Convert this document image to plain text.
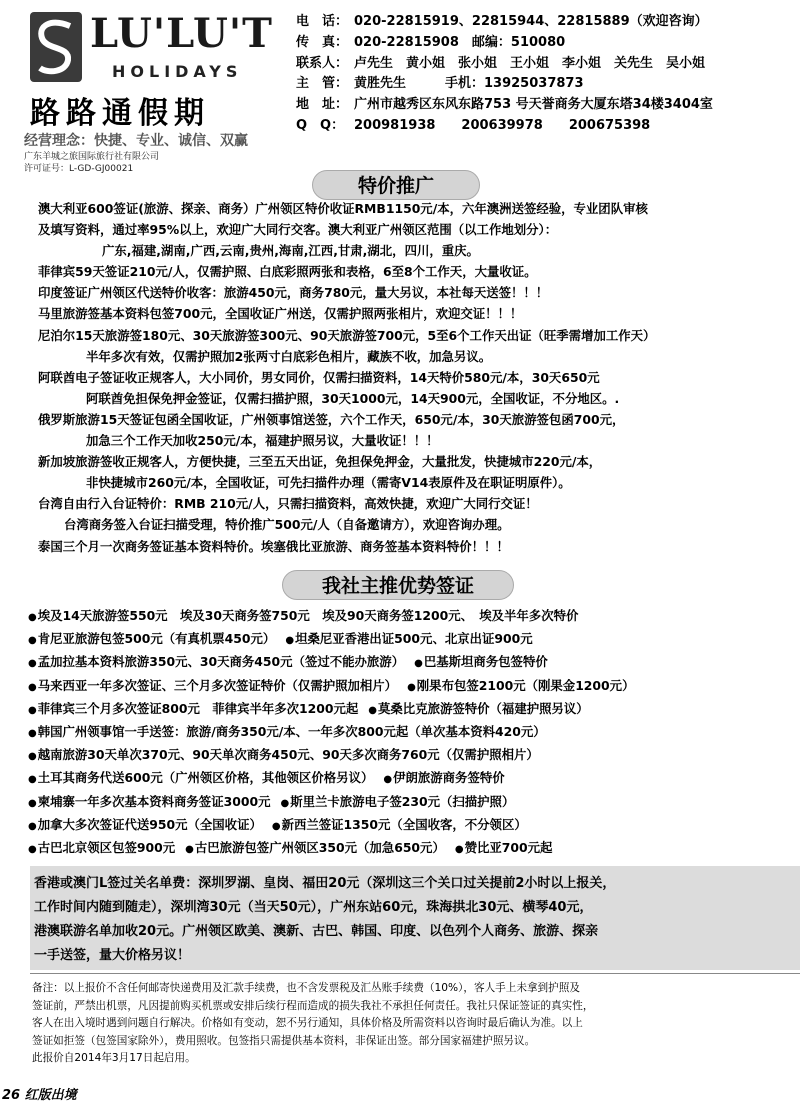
LU'LU'T
HOLIDAYS
路路通假期
经营理念：快捷、专业、诚信、双赢
广东羊城之旅国际旅行社有限公司
许可证号：L-GD-GJ00021
电　话： 020-22815919、22815944、22815889（欢迎咨询）
传　真： 020-22815908　邮编：510080
联系人： 卢先生　黄小姐　张小姐　王小姐　李小姐　关先生　吴小姐
主　管： 黄胜先生　　　手机：13925037873
地　址： 广州市越秀区东风东路753 号天誉商务大厦东塔34楼3404室
Q　Q： 200981938　　200639978　　200675398
特价推广
澳大利亚600签证(旅游、探亲、商务）广州领区特价收证RMB1150元/本，六年澳洲送签经验，专业团队审核
及填写资料，通过率95%以上，欢迎广大同行交客。澳大利亚广州领区范围（以工作地划分）：
广东,福建,湖南,广西,云南,贵州,海南,江西,甘肃,湖北，四川，重庆。
菲律宾59天签证210元/人，仅需护照、白底彩照两张和表格，6至8个工作天，大量收证。
印度签证广州领区代送特价收客：旅游450元，商务780元，量大另议，本社每天送签！！！
马里旅游签基本资料包签700元，全国收证广州送，仅需护照两张相片，欢迎交证！！！
尼泊尔15天旅游签180元、30天旅游签300元、90天旅游签700元，5至6个工作天出证（旺季需增加工作天）
半年多次有效，仅需护照加2张两寸白底彩色相片，藏族不收，加急另议。
阿联酋电子签证收正规客人，大小同价，男女同价，仅需扫描资料，14天特价580元/本，30天650元
阿联酋免担保免押金签证，仅需扫描护照，30天1000元，14天900元，全国收证，不分地区。.
俄罗斯旅游15天签证包函全国收证，广州领事馆送签，六个工作天，650元/本，30天旅游签包函700元，
加急三个工作天加收250元/本，福建护照另议，大量收证！！！
新加坡旅游签收正规客人，方便快捷，三至五天出证，免担保免押金，大量批发，快捷城市220元/本，
非快捷城市260元/本，全国收证，可先扫描件办理（需寄V14表原件及在职证明原件）。
台湾自由行入台证特价：RMB 210元/人，只需扫描资料，高效快捷，欢迎广大同行交证！
台湾商务签入台证扫描受理，特价推广500元/人（自备邀请方），欢迎咨询办理。
泰国三个月一次商务签证基本资料特价。埃塞俄比亚旅游、商务签基本资料特价！！！
我社主推优势签证
●埃及14天旅游签550元　埃及30天商务签750元　埃及90天商务签1200元、　埃及半年多次特价
●肯尼亚旅游包签500元（有真机票450元） ●坦桑尼亚香港出证500元、北京出证900元
●孟加拉基本资料旅游350元、30天商务450元（签过不能办旅游） ●巴基斯坦商务包签特价
●马来西亚一年多次签证、三个月多次签证特价（仅需护照加相片） ●刚果布包签2100元（刚果金1200元）
●菲律宾三个月多次签证800元　菲律宾半年多次1200元起 ●莫桑比克旅游签特价（福建护照另议）
●韩国广州领事馆一手送签：旅游/商务350元/本、一年多次800元起（单次基本资料420元）
●越南旅游30天单次370元、90天单次商务450元、90天多次商务760元（仅需护照相片）
●土耳其商务代送600元（广州领区价格，其他领区价格另议） ●伊朗旅游商务签特价
●柬埔寨一年多次基本资料商务签证3000元 ●斯里兰卡旅游电子签230元（扫描护照）
●加拿大多次签证代送950元（全国收证） ●新西兰签证1350元（全国收客，不分领区）
●古巴北京领区包签900元 ●古巴旅游包签广州领区350元（加急650元） ●赞比亚700元起
香港或澳门L签过关名单费：深圳罗湖、皇岗、福田20元（深圳这三个关口过关提前2小时以上报关，
工作时间内随到随走），深圳湾30元（当天50元），广州东站60元，珠海拱北30元、横琴40元，
港澳联游名单加收20元。广州领区欧美、澳新、古巴、韩国、印度、以色列个人商务、旅游、探亲
一手送签，量大价格另议！
备注：以上报价不含任何邮寄快递费用及汇款手续费，也不含发票税及汇丛账手续费（10%），客人手上未拿到护照及
签证前，严禁出机票，凡因提前购买机票或安排后续行程而造成的损失我社不承担任何责任。我社只保证签证的真实性，
客人在出入境时遇到问题自行解决。价格如有变动，恕不另行通知，具体价格及所需资料以咨询时最后确认为准。以上
签证如拒签（包签国家除外），费用照收。包签指只需提供基本资料，非保证出签。部分国家福建护照另议。
此报价自2014年3月17日起启用。
26 红版出境
